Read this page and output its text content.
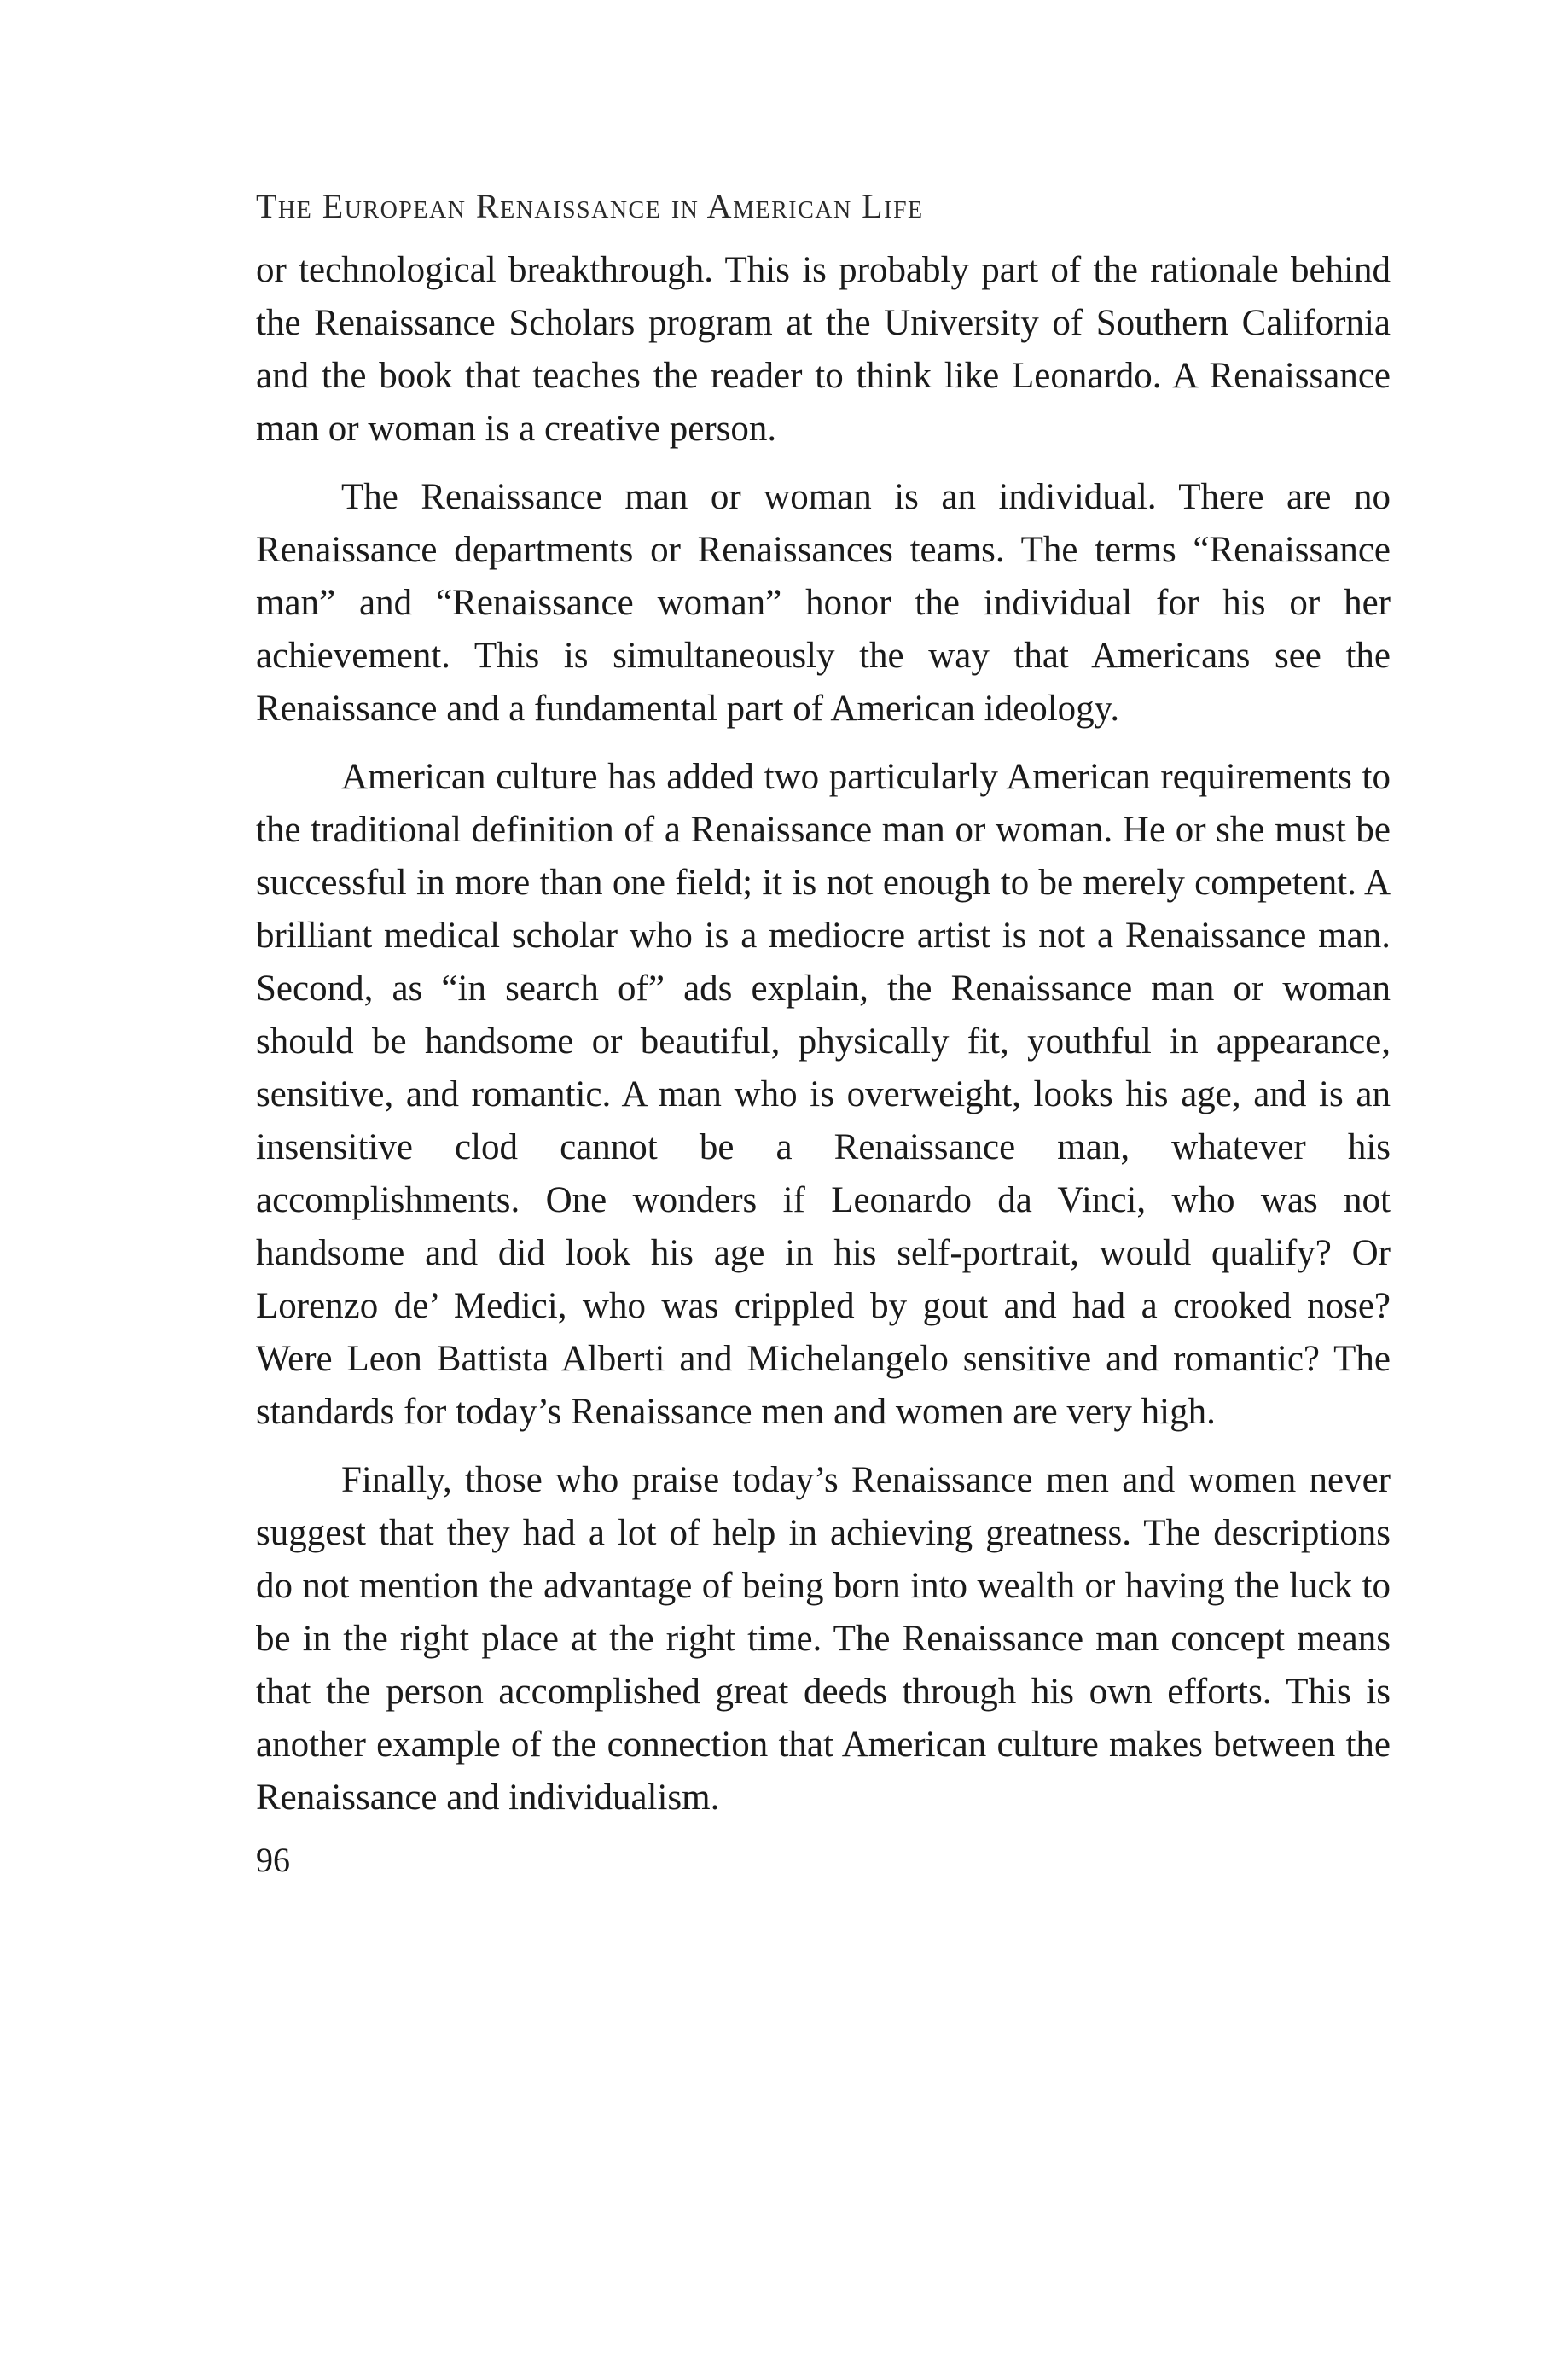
The European Renaissance in American Life

or technological breakthrough. This is probably part of the rationale behind the Renaissance Scholars program at the University of Southern California and the book that teaches the reader to think like Leonardo. A Renaissance man or woman is a creative person.

The Renaissance man or woman is an individual. There are no Renaissance departments or Renaissances teams. The terms “Renaissance man” and “Renaissance woman” honor the individual for his or her achievement. This is simultaneously the way that Americans see the Renaissance and a fundamental part of American ideology.

American culture has added two particularly American requirements to the traditional definition of a Renaissance man or woman. He or she must be successful in more than one field; it is not enough to be merely competent. A brilliant medical scholar who is a mediocre artist is not a Renaissance man. Second, as “in search of” ads explain, the Renaissance man or woman should be handsome or beautiful, physically fit, youthful in appearance, sensitive, and romantic. A man who is overweight, looks his age, and is an insensitive clod cannot be a Renaissance man, whatever his accomplishments. One wonders if Leonardo da Vinci, who was not handsome and did look his age in his self-portrait, would qualify? Or Lorenzo de’ Medici, who was crippled by gout and had a crooked nose? Were Leon Battista Alberti and Michelangelo sensitive and romantic? The standards for today’s Renaissance men and women are very high.

Finally, those who praise today’s Renaissance men and women never suggest that they had a lot of help in achieving greatness. The descriptions do not mention the advantage of being born into wealth or having the luck to be in the right place at the right time. The Renaissance man concept means that the person accomplished great deeds through his own efforts. This is another example of the connection that American culture makes between the Renaissance and individualism.

96
